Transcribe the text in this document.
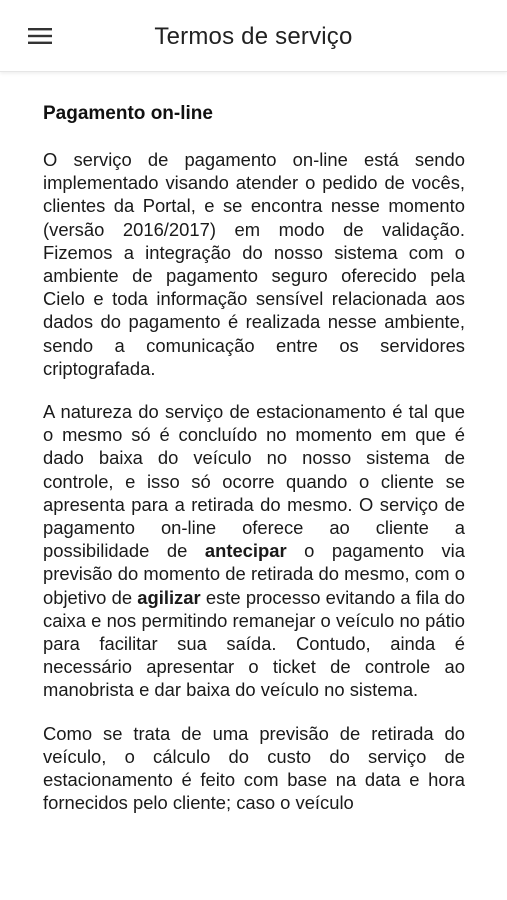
Termos de serviço
Pagamento on-line

O serviço de pagamento on-line está sendo implementado visando atender o pedido de vocês, clientes da Portal, e se encontra nesse momento (versão 2016/2017) em modo de validação. Fizemos a integração do nosso sistema com o ambiente de pagamento seguro oferecido pela Cielo e toda informação sensível relacionada aos dados do pagamento é realizada nesse ambiente, sendo a comunicação entre os servidores criptografada.

A natureza do serviço de estacionamento é tal que o mesmo só é concluído no momento em que é dado baixa do veículo no nosso sistema de controle, e isso só ocorre quando o cliente se apresenta para a retirada do mesmo. O serviço de pagamento on-line oferece ao cliente a possibilidade de antecipar o pagamento via previsão do momento de retirada do mesmo, com o objetivo de agilizar este processo evitando a fila do caixa e nos permitindo remanejar o veículo no pátio para facilitar sua saída. Contudo, ainda é necessário apresentar o ticket de controle ao manobrista e dar baixa do veículo no sistema.

Como se trata de uma previsão de retirada do veículo, o cálculo do custo do serviço de estacionamento é feito com base na data e hora fornecidos pelo cliente; caso o veículo
